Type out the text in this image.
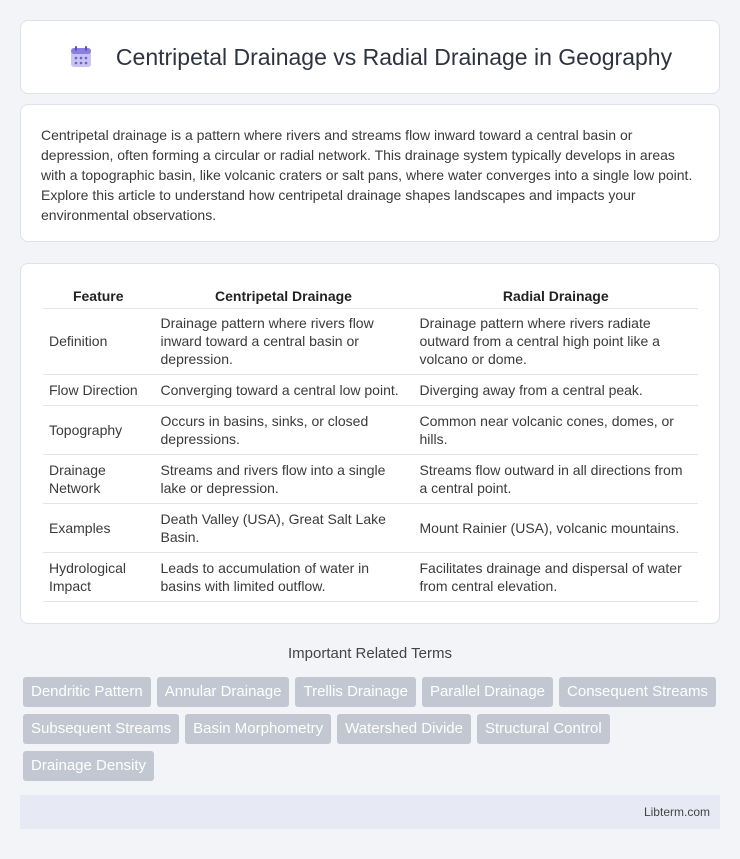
Centripetal Drainage vs Radial Drainage in Geography

Centripetal drainage is a pattern where rivers and streams flow inward toward a central basin or depression, often forming a circular or radial network. This drainage system typically develops in areas with a topographic basin, like volcanic craters or salt pans, where water converges into a single low point. Explore this article to understand how centripetal drainage shapes landscapes and impacts your environmental observations.

Feature	Centripetal Drainage	Radial Drainage
Definition	Drainage pattern where rivers flow inward toward a central basin or depression.	Drainage pattern where rivers radiate outward from a central high point like a volcano or dome.
Flow Direction	Converging toward a central low point.	Diverging away from a central peak.
Topography	Occurs in basins, sinks, or closed depressions.	Common near volcanic cones, domes, or hills.
Drainage Network	Streams and rivers flow into a single lake or depression.	Streams flow outward in all directions from a central point.
Examples	Death Valley (USA), Great Salt Lake Basin.	Mount Rainier (USA), volcanic mountains.
Hydrological Impact	Leads to accumulation of water in basins with limited outflow.	Facilitates drainage and dispersal of water from central elevation.
Important Related Terms
Dendritic Pattern	Annular Drainage	Trellis Drainage	Parallel Drainage	Consequent Streams
Subsequent Streams	Basin Morphometry	Watershed Divide	Structural Control
Drainage Density
Libterm.com
